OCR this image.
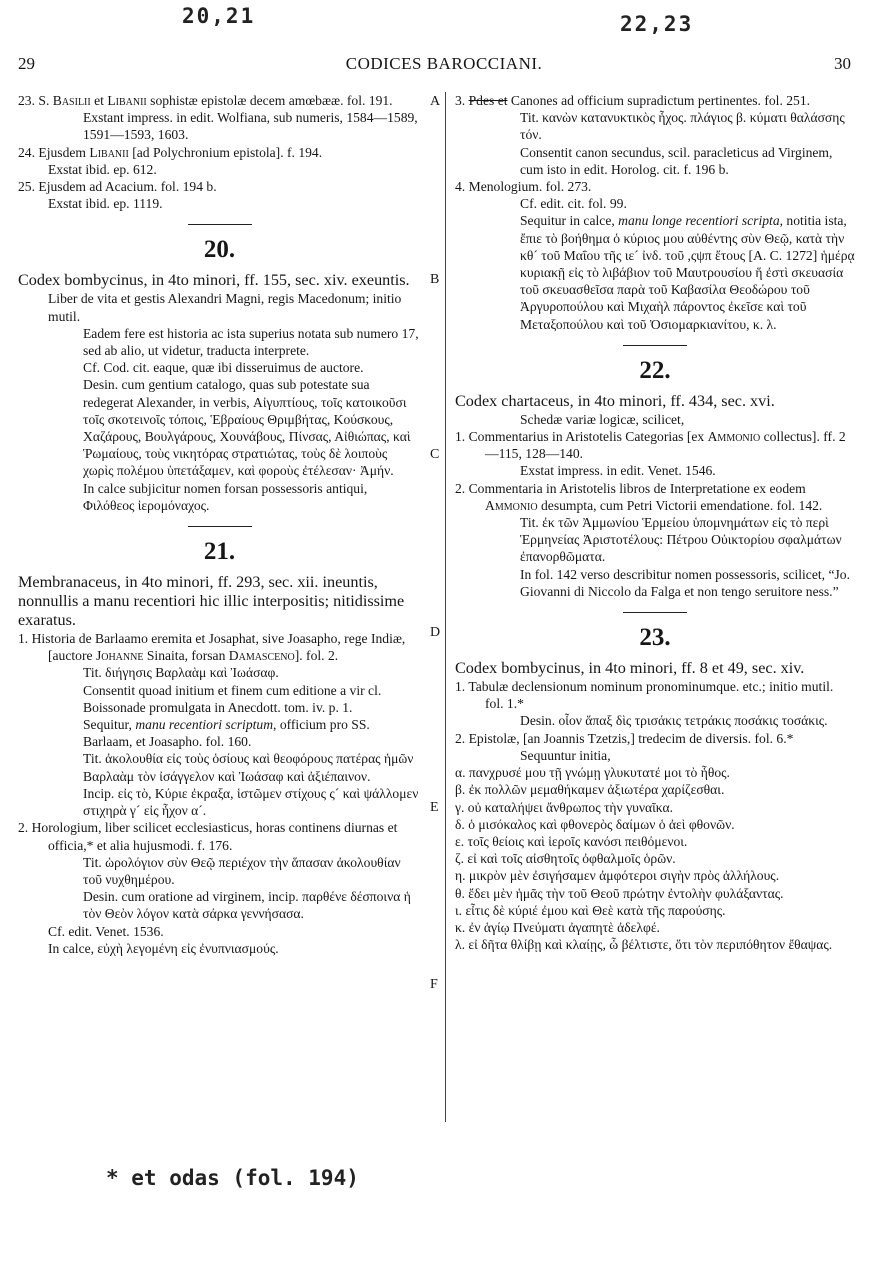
20,21	22,23
29	CODICES BAROCCIANI.	30
A
B
C
D
E
F
23. S. Basilii et Libanii sophistæ epistolæ decem amœbææ. fol. 191.
Exstant impress. in edit. Wolfiana, sub numeris, 1584—1589, 1591—1593, 1603.
24. Ejusdem Libanii [ad Polychronium epistola]. f. 194.
Exstat ibid. ep. 612.
25. Ejusdem ad Acacium. fol. 194 b.
Exstat ibid. ep. 1119.
20.
Codex bombycinus, in 4to minori, ff. 155, sec. xiv. exeuntis.
Liber de vita et gestis Alexandri Magni, regis Macedonum; initio mutil.
Eadem fere est historia ac ista superius notata sub numero 17, sed ab alio, ut videtur, traducta interprete.
Cf. Cod. cit. eaque, quæ ibi disseruimus de auctore.
Desin. cum gentium catalogo, quas sub potestate sua redegerat Alexander, in verbis, Αἰγυπτίους, τοῖς κατοικοῦσι τοῖς σκοτεινοῖς τόποις, Ἑβραίους Θριμβήτας, Κούσκους, Χαζάρους, Βουλγάρους, Χουνάβους, Πίνσας, Αἰθιώπας, καὶ Ῥωμαίους, τοὺς νικητόρας στρατιώτας, τοὺς δὲ λοιποὺς χωρὶς πολέμου ὑπετάξαμεν, καὶ φοροὺς ἐτέλεσαν· Ἀμήν.
In calce subjicitur nomen forsan possessoris antiqui, Φιλόθεος ἱερομόναχος.
21.
Membranaceus, in 4to minori, ff. 293, sec. xii. ineuntis, nonnullis a manu recentiori hic illic interpositis; nitidissime exaratus.
1. Historia de Barlaamo eremita et Josaphat, sive Joasapho, rege Indiæ, [auctore Johanne Sinaita, forsan Damasceno]. fol. 2.
Tit. διήγησις Βαρλαὰμ καὶ Ἰωάσαφ.
Consentit quoad initium et finem cum editione a vir cl. Boissonade promulgata in Anecdott. tom. iv. p. 1.
Sequitur, manu recentiori scriptum, officium pro SS. Barlaam, et Joasapho. fol. 160.
Tit. ἀκολουθία εἰς τοὺς ὁσίους καὶ θεοφόρους πατέρας ἡμῶν Βαρλαὰμ τὸν ἰσάγγελον καὶ Ἰωάσαφ καὶ ἀξιέπαινον.
Incip. εἰς τὸ, Κύριε ἐκραξα, ἱστῶμεν στίχους ς´ καὶ ψάλλομεν στιχηρὰ γ´ εἰς ἦχον α´.
2. Horologium, liber scilicet ecclesiasticus, horas continens diurnas et officia,* et alia hujusmodi. f. 176.
Tit. ὡρολόγιον σὺν Θεῷ περιέχον τὴν ἅπασαν ἀκολουθίαν τοῦ νυχθημέρου.
Desin. cum oratione ad virginem, incip. παρθένε δέσποινα ἡ τὸν Θεὸν λόγον κατὰ σάρκα γεννήσασα.
Cf. edit. Venet. 1536.
In calce, εὐχὴ λεγομένη εἰς ἐνυπνιασμούς.
3. Pdes et Canones ad officium supradictum pertinentes. fol. 251.
Tit. κανὼν κατανυκτικὸς ἦχος. πλάγιος β. κύματι θαλάσσης τόν.
Consentit canon secundus, scil. paracleticus ad Virginem, cum isto in edit. Horolog. cit. f. 196 b.
4. Menologium. fol. 273.
Cf. edit. cit. fol. 99.
Sequitur in calce, manu longe recentiori scripta, notitia ista, ἔπιε τὸ βοήθημα ὁ κύριος μου αὐθέντης σὺν Θεῷ, κατὰ τὴν κθ´ τοῦ Μαΐου τῆς ιε´ ἰνδ. τοῦ ,ςψπ ἔτους [A. C. 1272] ἡμέρᾳ κυριακῇ εἰς τὸ λιβάβιον τοῦ Μαυτρουσίου ἥ ἐστὶ σκευασία τοῦ σκευασθεῖσα παρὰ τοῦ Καβασίλα Θεοδώρου τοῦ Ἀργυροπούλου καὶ Μιχαὴλ πάροντος ἐκεῖσε καὶ τοῦ Μεταξοπούλου καὶ τοῦ Ὀσιομαρκιανίτου, κ. λ.
22.
Codex chartaceus, in 4to minori, ff. 434, sec. xvi.
Schedæ variæ logicæ, scilicet,
1. Commentarius in Aristotelis Categorias [ex Ammonio collectus]. ff. 2—115, 128—140.
Exstat impress. in edit. Venet. 1546.
2. Commentaria in Aristotelis libros de Interpretatione ex eodem Ammonio desumpta, cum Petri Victorii emendatione. fol. 142.
Tit. ἐκ τῶν Ἀμμωνίου Ἑρμείου ὑπομνημάτων εἰς τὸ περὶ Ἑρμηνείας Ἀριστοτέλους: Πέτρου Οὐικτορίου σφαλμάτων ἐπανορθῶματα.
In fol. 142 verso describitur nomen possessoris, scilicet, “Jo. Giovanni di Niccolo da Falga et non tengo seruitore ness.”
23.
Codex bombycinus, in 4to minori, ff. 8 et 49, sec. xiv.
1. Tabulæ declensionum nominum pronominumque. etc.; initio mutil. fol. 1.*
Desin. οἷον ἅπαξ δὶς τρισάκις τετράκις ποσάκις τοσάκις.
2. Epistolæ, [an Joannis Tzetzis,] tredecim de diversis. fol. 6.*
Sequuntur initia,
α. πανχρυσέ μου τῇ γνώμῃ γλυκυτατέ μοι τὸ ἦθος.
β. ἐκ πολλῶν μεμαθήκαμεν ἀξιωτέρα χαρίζεσθαι.
γ. οὐ καταλήψει ἄνθρωπος τὴν γυναῖκα.
δ. ὁ μισόκαλος καὶ φθονερὸς δαίμων ὁ ἀεὶ φθονῶν.
ε. τοῖς θείοις καὶ ἱεροῖς κανόσι πειθόμενοι.
ζ. εἰ καὶ τοῖς αἰσθητοῖς ὀφθαλμοῖς ὁρῶν.
η. μικρὸν μὲν ἐσιγήσαμεν ἀμφότεροι σιγὴν πρὸς ἀλλήλους.
θ. ἔδει μὲν ἡμᾶς τὴν τοῦ Θεοῦ πρώτην ἐντολὴν φυλάξαντας.
ι. εἶτις δὲ κύριέ ἐμου καὶ Θεὲ κατὰ τῆς παρούσης.
κ. ἐν ἁγίῳ Πνεύματι ἀγαπητὲ ἀδελφέ.
λ. εἰ δῆτα θλίβῃ καὶ κλαίῃς, ὦ βέλτιστε, ὅτι τὸν περιπόθητον ἔθαψας.
* et odas (fol. 194)
